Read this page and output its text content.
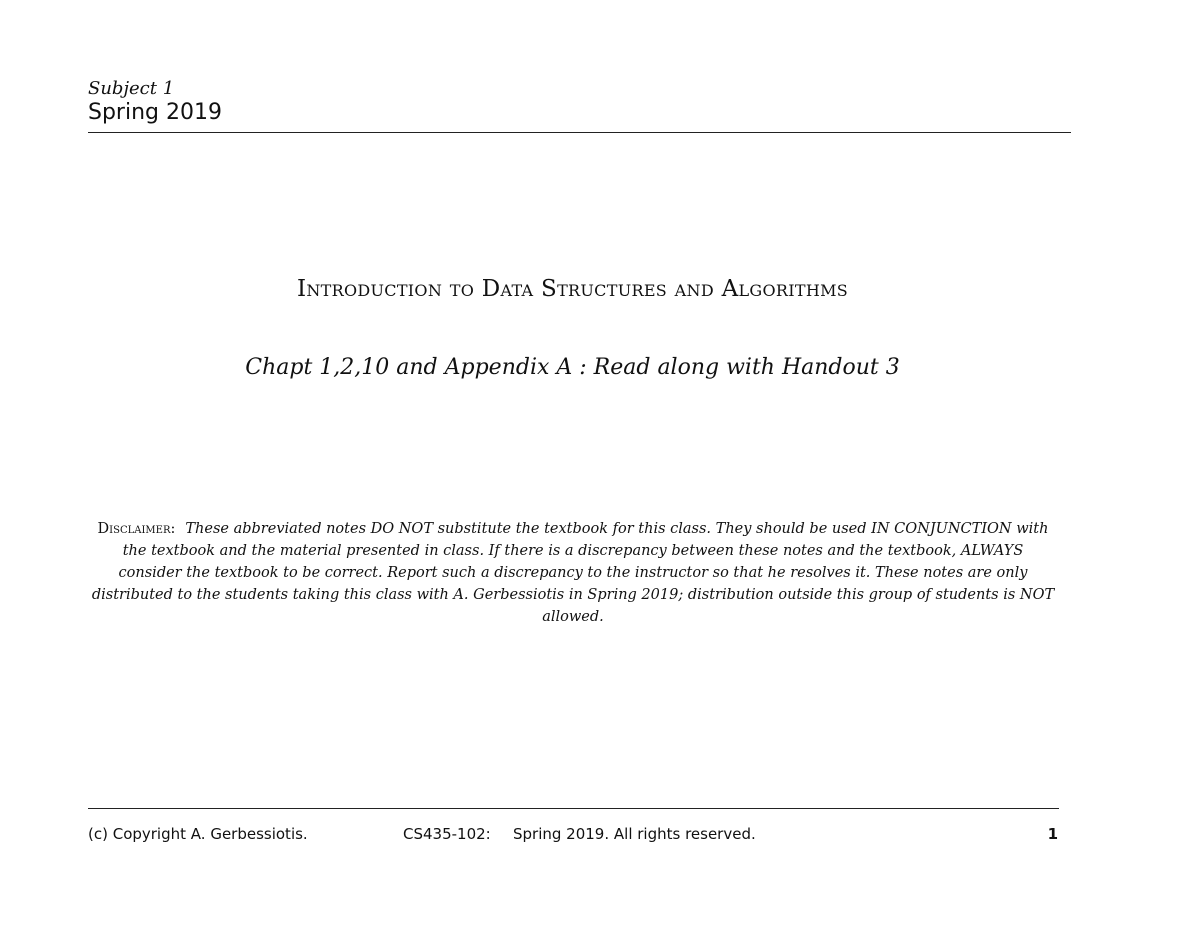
Subject 1
Spring 2019
Introduction to Data Structures and Algorithms
Chapt 1,2,10 and Appendix A : Read along with Handout 3
Disclaimer: These abbreviated notes DO NOT substitute the textbook for this class. They should be used IN CONJUNCTION with the textbook and the material presented in class. If there is a discrepancy between these notes and the textbook, ALWAYS consider the textbook to be correct. Report such a discrepancy to the instructor so that he resolves it. These notes are only distributed to the students taking this class with A. Gerbessiotis in Spring 2019; distribution outside this group of students is NOT allowed.
(c) Copyright A. Gerbessiotis.	CS435-102: Spring 2019. All rights reserved.	1
